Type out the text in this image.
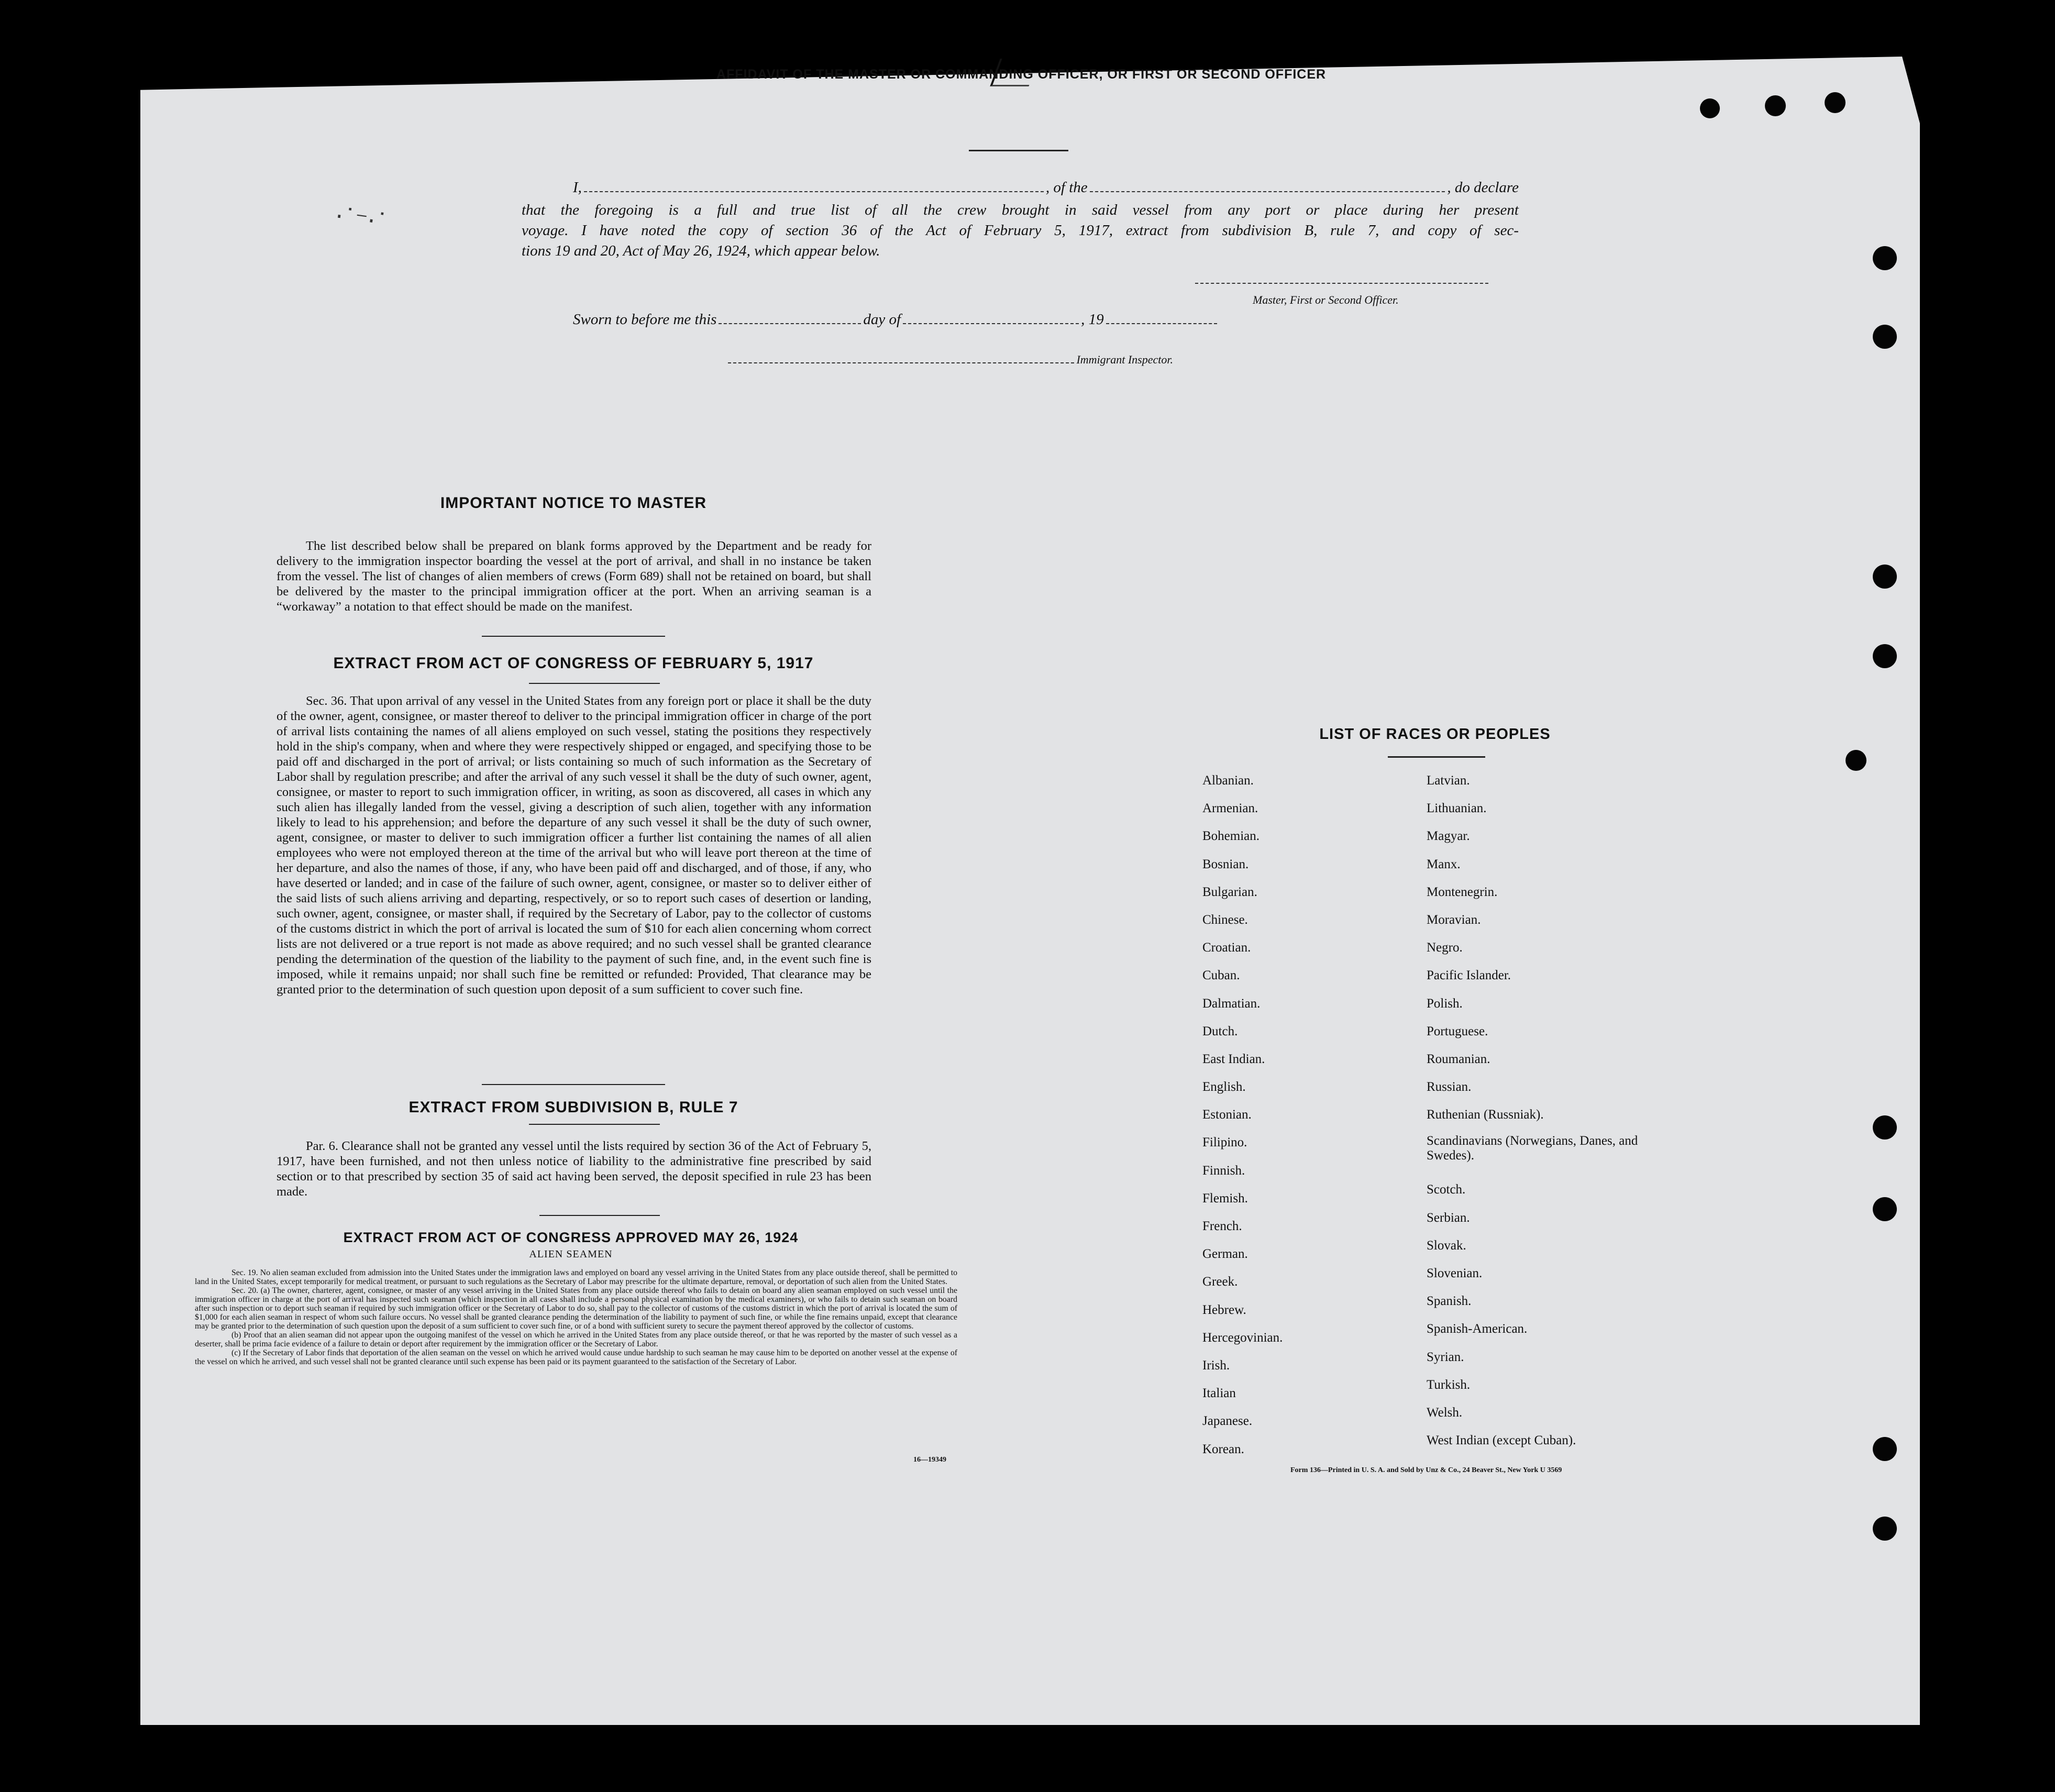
·˙​⁻·˙
AFFIDAVIT OF THE MASTER OR COMMANDING OFFICER, OR FIRST OR SECOND OFFICER
I,	, of the	, do declare
that the foregoing is a full and true list of all the crew brought in said vessel from any port or place during her present
voyage. I have noted the copy of section 36 of the Act of February 5, 1917, extract from subdivision B, rule 7, and copy of sec-
tions 19 and 20, Act of May 26, 1924, which appear below.
Master, First or Second Officer.
Sworn to before me this	day of	, 19
Immigrant Inspector.
IMPORTANT NOTICE TO MASTER
The list described below shall be prepared on blank forms approved by the Department and be ready for delivery to the immigration inspector boarding the vessel at the port of arrival, and shall in no instance be taken from the vessel. The list of changes of alien members of crews (Form 689) shall not be retained on board, but shall be delivered by the master to the principal immigration officer at the port. When an arriving seaman is a “workaway” a notation to that effect should be made on the manifest.
EXTRACT FROM ACT OF CONGRESS OF FEBRUARY 5, 1917
Sec. 36. That upon arrival of any vessel in the United States from any foreign port or place it shall be the duty of the owner, agent, consignee, or master thereof to deliver to the principal immigration officer in charge of the port of arrival lists containing the names of all aliens employed on such vessel, stating the positions they respectively hold in the ship's company, when and where they were respectively shipped or engaged, and specifying those to be paid off and discharged in the port of arrival; or lists containing so much of such information as the Secretary of Labor shall by regulation prescribe; and after the arrival of any such vessel it shall be the duty of such owner, agent, consignee, or master to report to such immigration officer, in writing, as soon as discovered, all cases in which any such alien has illegally landed from the vessel, giving a description of such alien, together with any information likely to lead to his apprehension; and before the departure of any such vessel it shall be the duty of such owner, agent, consignee, or master to deliver to such immigration officer a further list containing the names of all alien employees who were not employed thereon at the time of the arrival but who will leave port thereon at the time of her departure, and also the names of those, if any, who have been paid off and discharged, and of those, if any, who have deserted or landed; and in case of the failure of such owner, agent, consignee, or master so to deliver either of the said lists of such aliens arriving and departing, respectively, or so to report such cases of desertion or landing, such owner, agent, consignee, or master shall, if required by the Secretary of Labor, pay to the collector of customs of the customs district in which the port of arrival is located the sum of $10 for each alien concerning whom correct lists are not delivered or a true report is not made as above required; and no such vessel shall be granted clearance pending the determination of the question of the liability to the payment of such fine, and, in the event such fine is imposed, while it remains unpaid; nor shall such fine be remitted or refunded: Provided, That clearance may be granted prior to the determination of such question upon deposit of a sum sufficient to cover such fine.
EXTRACT FROM SUBDIVISION B, RULE 7
Par. 6. Clearance shall not be granted any vessel until the lists required by section 36 of the Act of February 5, 1917, have been furnished, and not then unless notice of liability to the administrative fine prescribed by said section or to that prescribed by section 35 of said act having been served, the deposit specified in rule 23 has been made.
EXTRACT FROM ACT OF CONGRESS APPROVED MAY 26, 1924
ALIEN SEAMEN
Sec. 19. No alien seaman excluded from admission into the United States under the immigration laws and employed on board any vessel arriving in the United States from any place outside thereof, shall be permitted to land in the United States, except temporarily for medical treatment, or pursuant to such regulations as the Secretary of Labor may prescribe for the ultimate departure, removal, or deportation of such alien from the United States.
Sec. 20. (a) The owner, charterer, agent, consignee, or master of any vessel arriving in the United States from any place outside thereof who fails to detain on board any alien seaman employed on such vessel until the immigration officer in charge at the port of arrival has inspected such seaman (which inspection in all cases shall include a personal physical examination by the medical examiners), or who fails to detain such seaman on board after such inspection or to deport such seaman if required by such immigration officer or the Secretary of Labor to do so, shall pay to the collector of customs of the customs district in which the port of arrival is located the sum of $1,000 for each alien seaman in respect of whom such failure occurs. No vessel shall be granted clearance pending the determination of the liability to payment of such fine, or while the fine remains unpaid, except that clearance may be granted prior to the determination of such question upon the deposit of a sum sufficient to cover such fine, or of a bond with sufficient surety to secure the payment thereof approved by the collector of customs.
(b) Proof that an alien seaman did not appear upon the outgoing manifest of the vessel on which he arrived in the United States from any place outside thereof, or that he was reported by the master of such vessel as a deserter, shall be prima facie evidence of a failure to detain or deport after requirement by the immigration officer or the Secretary of Labor.
(c) If the Secretary of Labor finds that deportation of the alien seaman on the vessel on which he arrived would cause undue hardship to such seaman he may cause him to be deported on another vessel at the expense of the vessel on which he arrived, and such vessel shall not be granted clearance until such expense has been paid or its payment guaranteed to the satisfaction of the Secretary of Labor.
16—19349
LIST OF RACES OR PEOPLES
Albanian.
Armenian.
Bohemian.
Bosnian.
Bulgarian.
Chinese.
Croatian.
Cuban.
Dalmatian.
Dutch.
East Indian.
English.
Estonian.
Filipino.
Finnish.
Flemish.
French.
German.
Greek.
Hebrew.
Hercegovinian.
Irish.
Italian
Japanese.
Korean.
Latvian.
Lithuanian.
Magyar.
Manx.
Montenegrin.
Moravian.
Negro.
Pacific Islander.
Polish.
Portuguese.
Roumanian.
Russian.
Ruthenian (Russniak).
Scandinavians (Norwegians, Danes, and Swedes).
Scotch.
Serbian.
Slovak.
Slovenian.
Spanish.
Spanish-American.
Syrian.
Turkish.
Welsh.
West Indian (except Cuban).
Form 136—Printed in U. S. A. and Sold by Unz & Co., 24 Beaver St., New York U 3569
